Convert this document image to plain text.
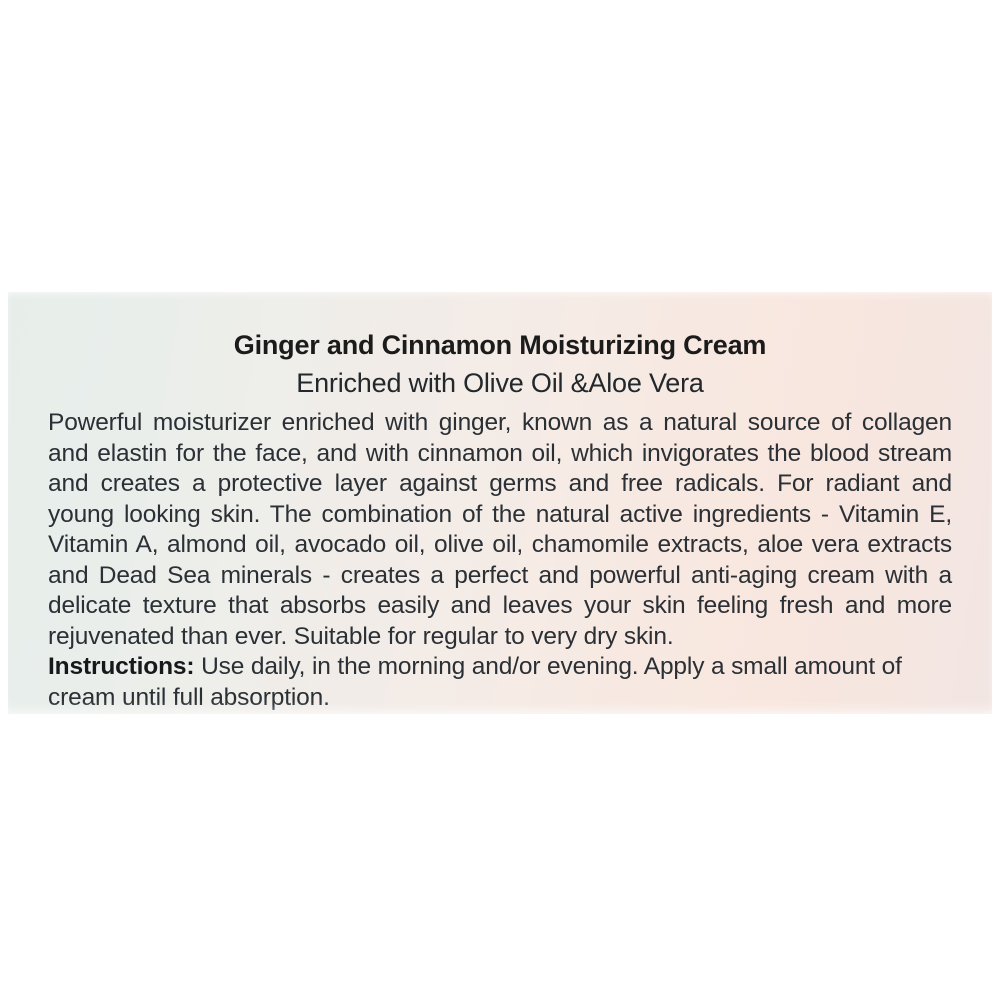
Ginger and Cinnamon Moisturizing Cream
Enriched with Olive Oil &Aloe Vera
Powerful moisturizer enriched with ginger, known as a natural source of collagen and elastin for the face, and with cinnamon oil, which invigorates the blood stream and creates a protective layer against germs and free radicals. For radiant and young looking skin. The combination of the natural active ingredients - Vitamin E, Vitamin A, almond oil, avocado oil, olive oil, chamomile extracts, aloe vera extracts and Dead Sea minerals - creates a perfect and powerful anti-aging cream with a delicate texture that absorbs easily and leaves your skin feeling fresh and more rejuvenated than ever. Suitable for regular to very dry skin.
Instructions: Use daily, in the morning and/or evening. Apply a small amount of cream until full absorption.
